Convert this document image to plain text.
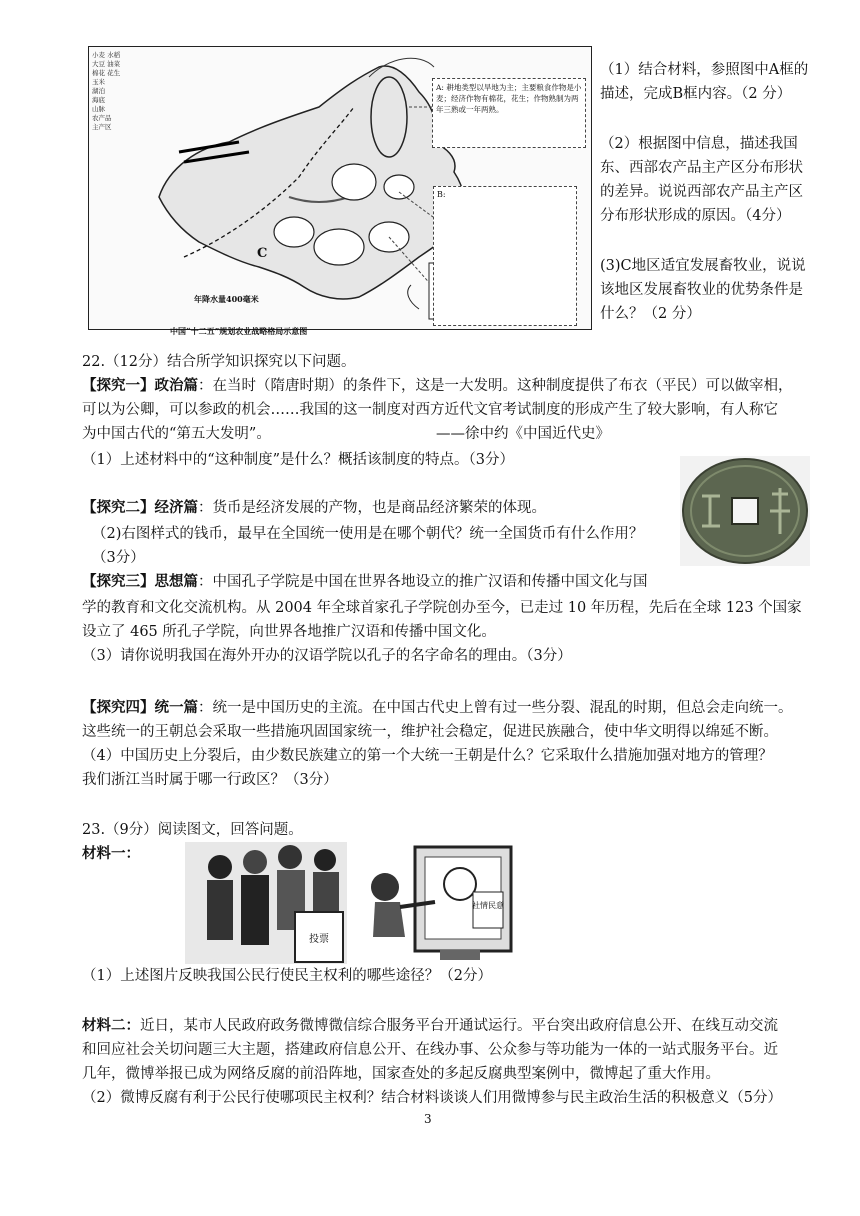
小麦 水稻
大豆 油菜
棉花 花生
玉米
湖泊
海底
山脉
农产品
主产区
C
年降水量400毫米
A: 耕地类型以旱地为主；主要粮食作物是小麦；经济作物有棉花，花生；作物熟制为两年三熟或一年两熟。
B:
中国“十二五”规划农业战略格局示意图

（1）结合材料，参照图中A框的描述，完成B框内容。（2 分）

（2）根据图中信息，描述我国东、西部农产品主产区分布形状的差异。说说西部农产品主产区分布形状形成的原因。（4分）

(3)C地区适宜发展畜牧业，说说该地区发展畜牧业的优势条件是什么？（2 分）

22.（12分）结合所学知识探究以下问题。

【探究一】政治篇：在当时（隋唐时期）的条件下，这是一大发明。这种制度提供了布衣（平民）可以做宰相，

可以为公卿，可以参政的机会……我国的这一制度对西方近代文官考试制度的形成产生了较大影响，有人称它

为中国古代的“第五大发明”。	——徐中约《中国近代史》

（1）上述材料中的“这种制度”是什么？概括该制度的特点。（3分）

【探究二】经济篇：货币是经济发展的产物，也是商品经济繁荣的体现。

（2)右图样式的钱币，最早在全国统一使用是在哪个朝代？统一全国货币有什么作用？

（3分）

【探究三】思想篇：中国孔子学院是中国在世界各地设立的推广汉语和传播中国文化与国

学的教育和文化交流机构。从 2004 年全球首家孔子学院创办至今，已走过 10 年历程，先后在全球 123 个国家

设立了 465 所孔子学院，向世界各地推广汉语和传播中国文化。

（3）请你说明我国在海外开办的汉语学院以孔子的名字命名的理由。（3分）

【探究四】统一篇：统一是中国历史的主流。在中国古代史上曾有过一些分裂、混乱的时期，但总会走向统一。

这些统一的王朝总会采取一些措施巩固国家统一，维护社会稳定，促进民族融合，使中华文明得以绵延不断。

（4）中国历史上分裂后，由少数民族建立的第一个大统一王朝是什么？它采取什么措施加强对地方的管理？

我们浙江当时属于哪一行政区？（3分）

23.（9分）阅读图文，回答问题。

材料一：

投票
社情民意

（1）上述图片反映我国公民行使民主权利的哪些途径？（2分）

材料二：近日，某市人民政府政务微博微信综合服务平台开通试运行。平台突出政府信息公开、在线互动交流

和回应社会关切问题三大主题，搭建政府信息公开、在线办事、公众参与等功能为一体的一站式服务平台。近

几年，微博举报已成为网络反腐的前沿阵地，国家查处的多起反腐典型案例中，微博起了重大作用。

（2）微博反腐有利于公民行使哪项民主权利？结合材料谈谈人们用微博参与民主政治生活的积极意义（5分）

3
